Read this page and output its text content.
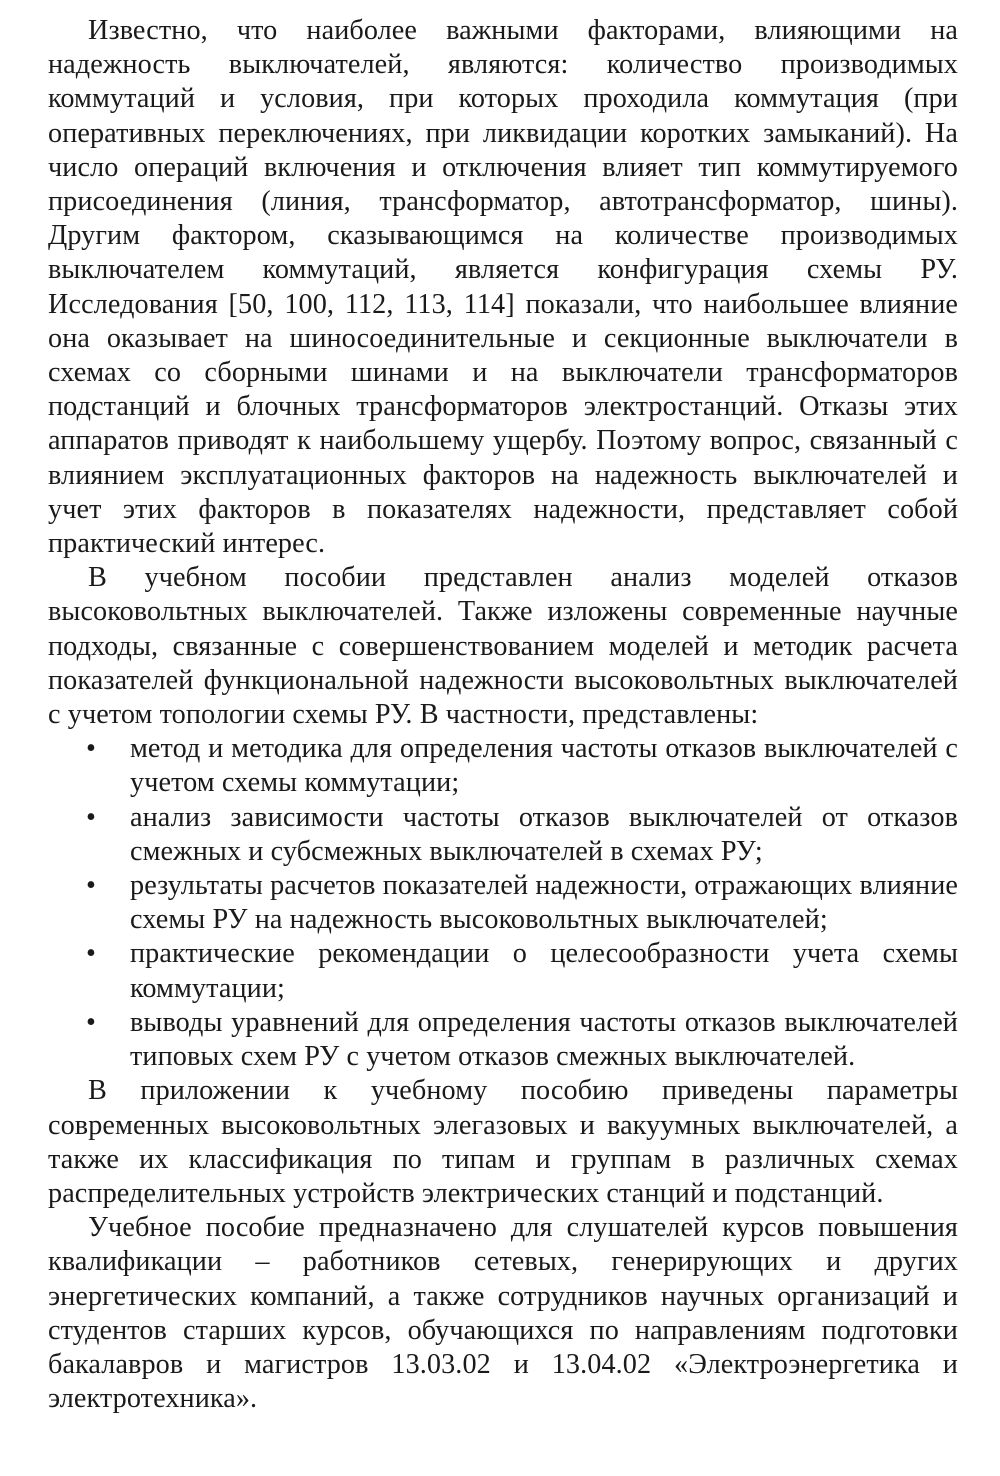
Известно, что наиболее важными факторами, влияющими на надежность выключателей, являются: количество производимых коммутаций и условия, при которых проходила коммутация (при оперативных переключениях, при ликвидации коротких замыканий). На число операций включения и отключения влияет тип коммутируемого присоединения (линия, трансформатор, автотрансформатор, шины). Другим фактором, сказывающимся на количестве производимых выключателем коммутаций, является конфигурация схемы РУ. Исследования [50, 100, 112, 113, 114] показали, что наибольшее влияние она оказывает на шиносоединительные и секционные выключатели в схемах со сборными шинами и на выключатели трансформаторов подстанций и блочных трансформаторов электростанций. Отказы этих аппаратов приводят к наибольшему ущербу. Поэтому вопрос, связанный с влиянием эксплуатационных факторов на надежность выключателей и учет этих факторов в показателях надежности, представляет собой практический интерес.

В учебном пособии представлен анализ моделей отказов высоковольтных выключателей. Также изложены современные научные подходы, связанные с совершенствованием моделей и методик расчета показателей функциональной надежности высоковольтных выключателей с учетом топологии схемы РУ. В частности, представлены:

• метод и методика для определения частоты отказов выключателей с учетом схемы коммутации;
• анализ зависимости частоты отказов выключателей от отказов смежных и субсмежных выключателей в схемах РУ;
• результаты расчетов показателей надежности, отражающих влияние схемы РУ на надежность высоковольтных выключателей;
• практические рекомендации о целесообразности учета схемы коммутации;
• выводы уравнений для определения частоты отказов выключателей типовых схем РУ с учетом отказов смежных выключателей.

В приложении к учебному пособию приведены параметры современных высоковольтных элегазовых и вакуумных выключателей, а также их классификация по типам и группам в различных схемах распределительных устройств электрических станций и подстанций.

Учебное пособие предназначено для слушателей курсов повышения квалификации – работников сетевых, генерирующих и других энергетических компаний, а также сотрудников научных организаций и студентов старших курсов, обучающихся по направлениям подготовки бакалавров и магистров 13.03.02 и 13.04.02 «Электроэнергетика и электротехника».
